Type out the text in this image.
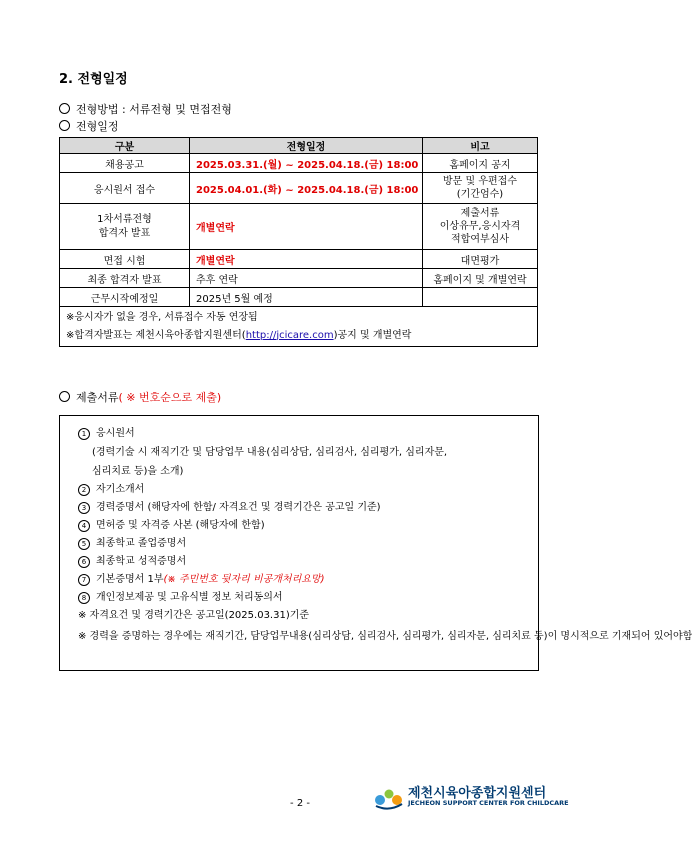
2. 전형일정
전형방법 : 서류전형 및 면접전형
전형일정
구분	전형일정	비고
채용공고	2025.03.31.(월) ~ 2025.04.18.(금) 18:00	홈페이지 공지
응시원서 접수	2025.04.01.(화) ~ 2025.04.18.(금) 18:00	방문 및 우편접수
(기간엄수)
1차서류전형
합격자 발표	개별연락	제출서류
이상유무,응시자격
적합여부심사
면접 시험	개별연락	대면평가
최종 합격자 발표	추후 연락	홈페이지 및 개별연락
근무시작예정일	2025년 5월 예정	

※응시자가 없을 경우, 서류접수 자동 연장됨
※합격자발표는 제천시육아종합지원센터(http://jcicare.com)공지 및 개별연락		
제출서류( ※ 번호순으로 제출)
1 응시원서
(경력기술 시 재직기간 및 담당업무 내용(심리상담, 심리검사, 심리평가, 심리자문,
심리치료 등)을 소개)
2 자기소개서
3 경력증명서 (해당자에 한함/ 자격요건 및 경력기간은 공고일 기준)
4 면허증 및 자격증 사본 (해당자에 한함)
5 최종학교 졸업증명서
6 최종학교 성적증명서
7 기본증명서 1부(※ 주민번호 뒷자리 비공개처리요망)
8 개인정보제공 및 고유식별 정보 처리동의서
※ 자격요건 및 경력기간은 공고일(2025.03.31)기준
※ 경력을 증명하는 경우에는 재직기간, 담당업무내용(심리상담, 심리검사, 심리평가, 심리자문, 심리치료 등)이 명시적으로 기재되어 있어야함
- 2 -
제천시육아종합지원센터
JECHEON SUPPORT CENTER FOR CHILDCARE
